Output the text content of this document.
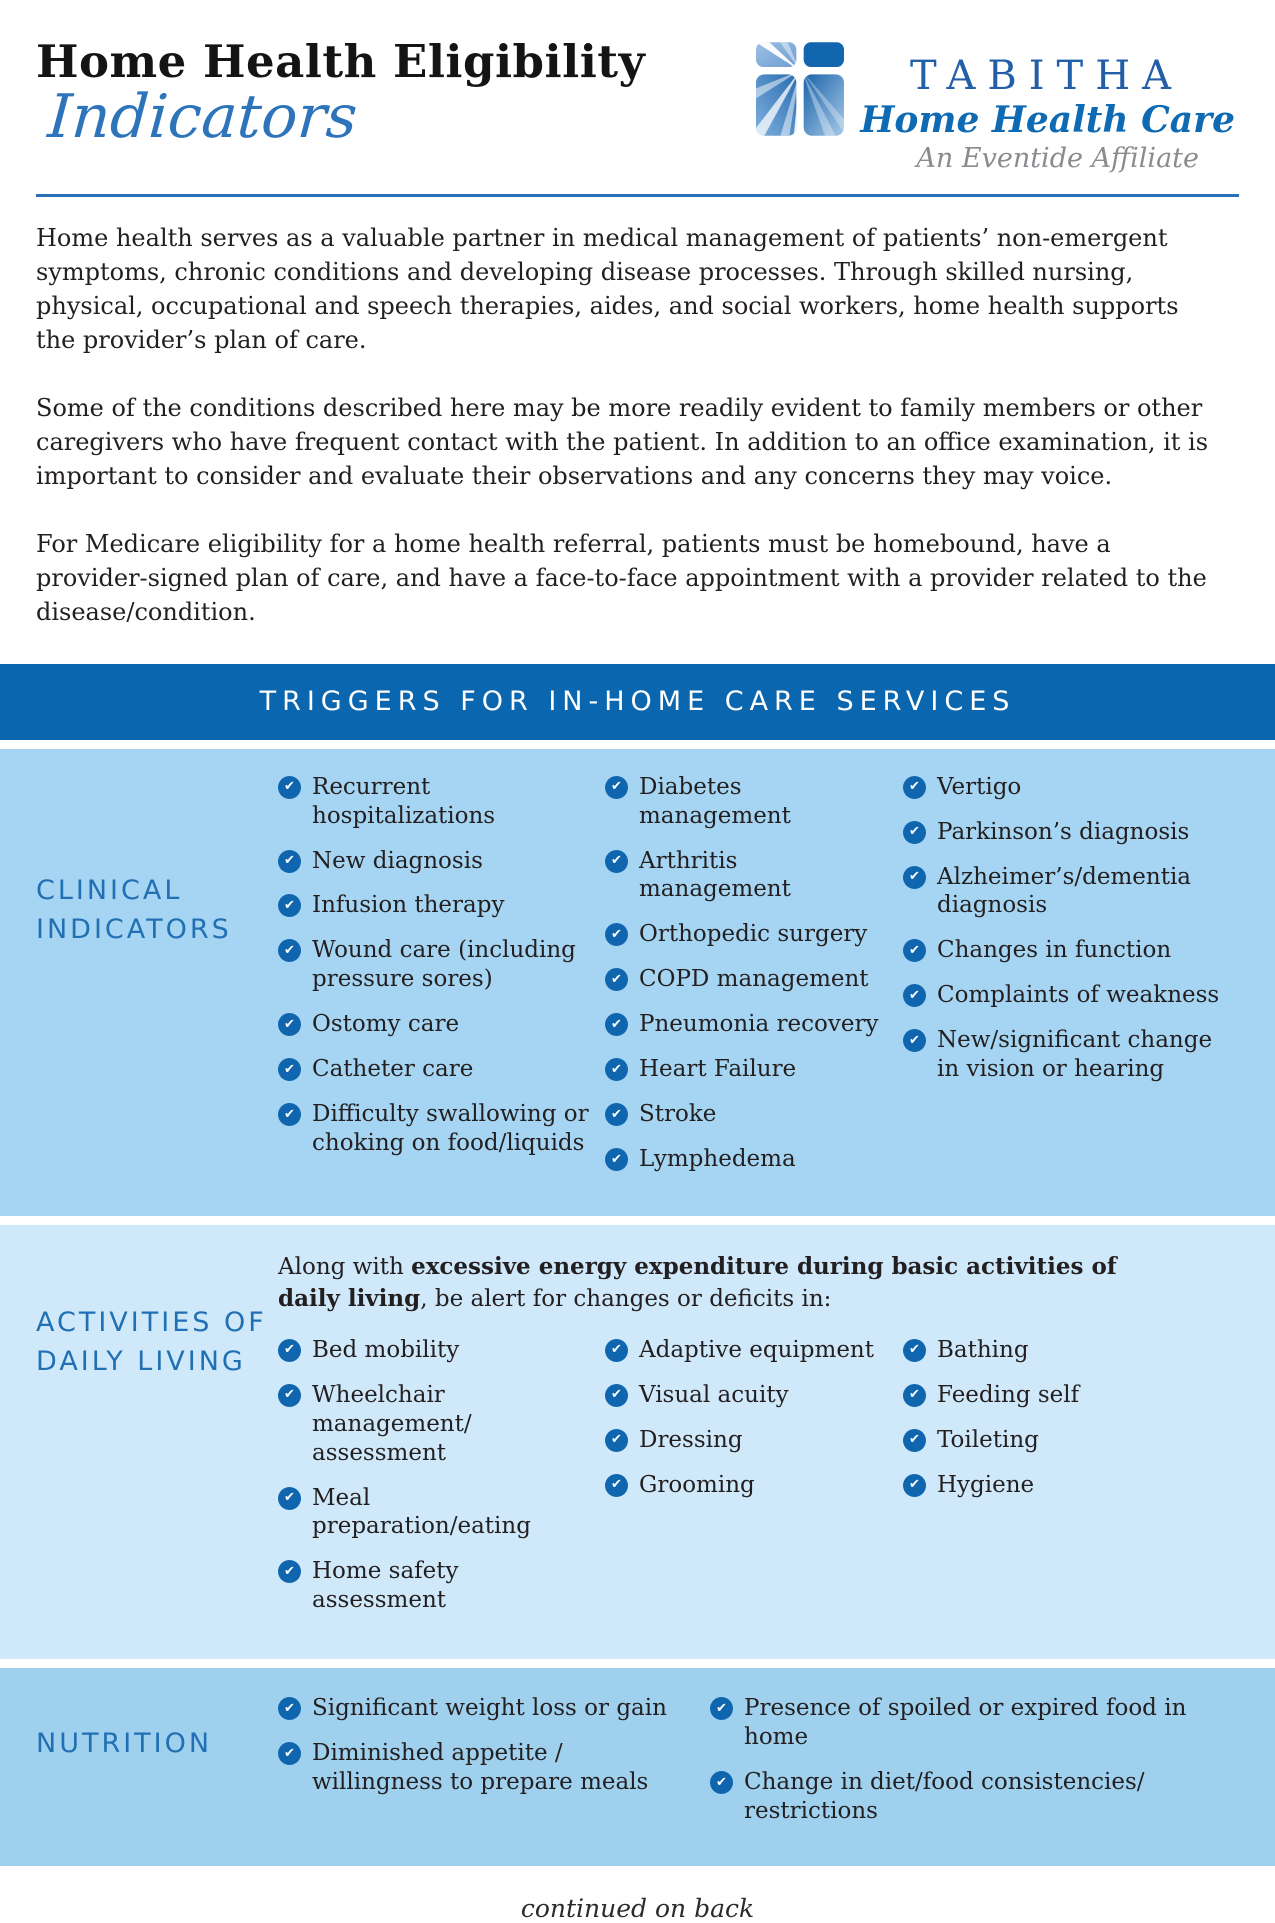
Home Health Eligibility
Indicators
TABITHA
Home Health Care
An Eventide Affiliate

Home health serves as a valuable partner in medical management of patients’ non-emergent symptoms, chronic conditions and developing disease processes. Through skilled nursing, physical, occupational and speech therapies, aides, and social workers, home health supports the provider’s plan of care.

Some of the conditions described here may be more readily evident to family members or other caregivers who have frequent contact with the patient. In addition to an office examination, it is important to consider and evaluate their observations and any concerns they may voice.

For Medicare eligibility for a home health referral, patients must be homebound, have a provider-signed plan of care, and have a face-to-face appointment with a provider related to the disease/condition.

TRIGGERS FOR IN-HOME CARE SERVICES
CLINICAL INDICATORS
✔ Recurrent hospitalizations
✔ New diagnosis
✔ Infusion therapy
✔ Wound care (including pressure sores)
✔ Ostomy care
✔ Catheter care
✔ Difficulty swallowing or choking on food/liquids
✔ Diabetes management
✔ Arthritis management
✔ Orthopedic surgery
✔ COPD management
✔ Pneumonia recovery
✔ Heart Failure
✔ Stroke
✔ Lymphedema
✔ Vertigo
✔ Parkinson’s diagnosis
✔ Alzheimer’s/dementia diagnosis
✔ Changes in function
✔ Complaints of weakness
✔ New/significant change in vision or hearing
ACTIVITIES OF DAILY LIVING

Along with excessive energy expenditure during basic activities of daily living, be alert for changes or deficits in:

✔ Bed mobility
✔ Wheelchair management/ assessment
✔ Meal preparation/eating
✔ Home safety assessment
✔ Adaptive equipment
✔ Visual acuity
✔ Dressing
✔ Grooming
✔ Bathing
✔ Feeding self
✔ Toileting
✔ Hygiene
NUTRITION
✔ Significant weight loss or gain
✔ Diminished appetite / willingness to prepare meals
✔ Presence of spoiled or expired food in home
✔ Change in diet/food consistencies/ restrictions
continued on back
